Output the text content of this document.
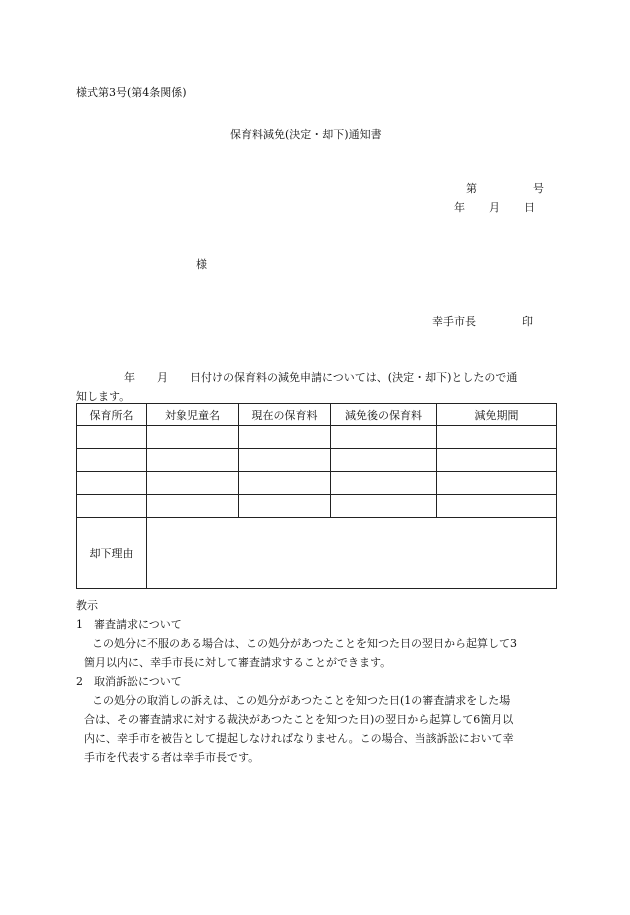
様式第3号(第4条関係)
保育料減免(決定・却下)通知書
第	号
年 月 日
様
幸手市長	印
年　　月　　日付けの保育料の減免申請については、(決定・却下)としたので通
知します。
保育所名	対象児童名	現在の保育料	減免後の保育料	減免期間

却下理由				
教示
1　審査請求について
この処分に不服のある場合は、この処分があつたことを知つた日の翌日から起算して3
箇月以内に、幸手市長に対して審査請求することができます。
2　取消訴訟について
この処分の取消しの訴えは、この処分があつたことを知つた日(1の審査請求をした場
合は、その審査請求に対する裁決があつたことを知つた日)の翌日から起算して6箇月以
内に、幸手市を被告として提起しなければなりません。この場合、当該訴訟において幸
手市を代表する者は幸手市長です。
